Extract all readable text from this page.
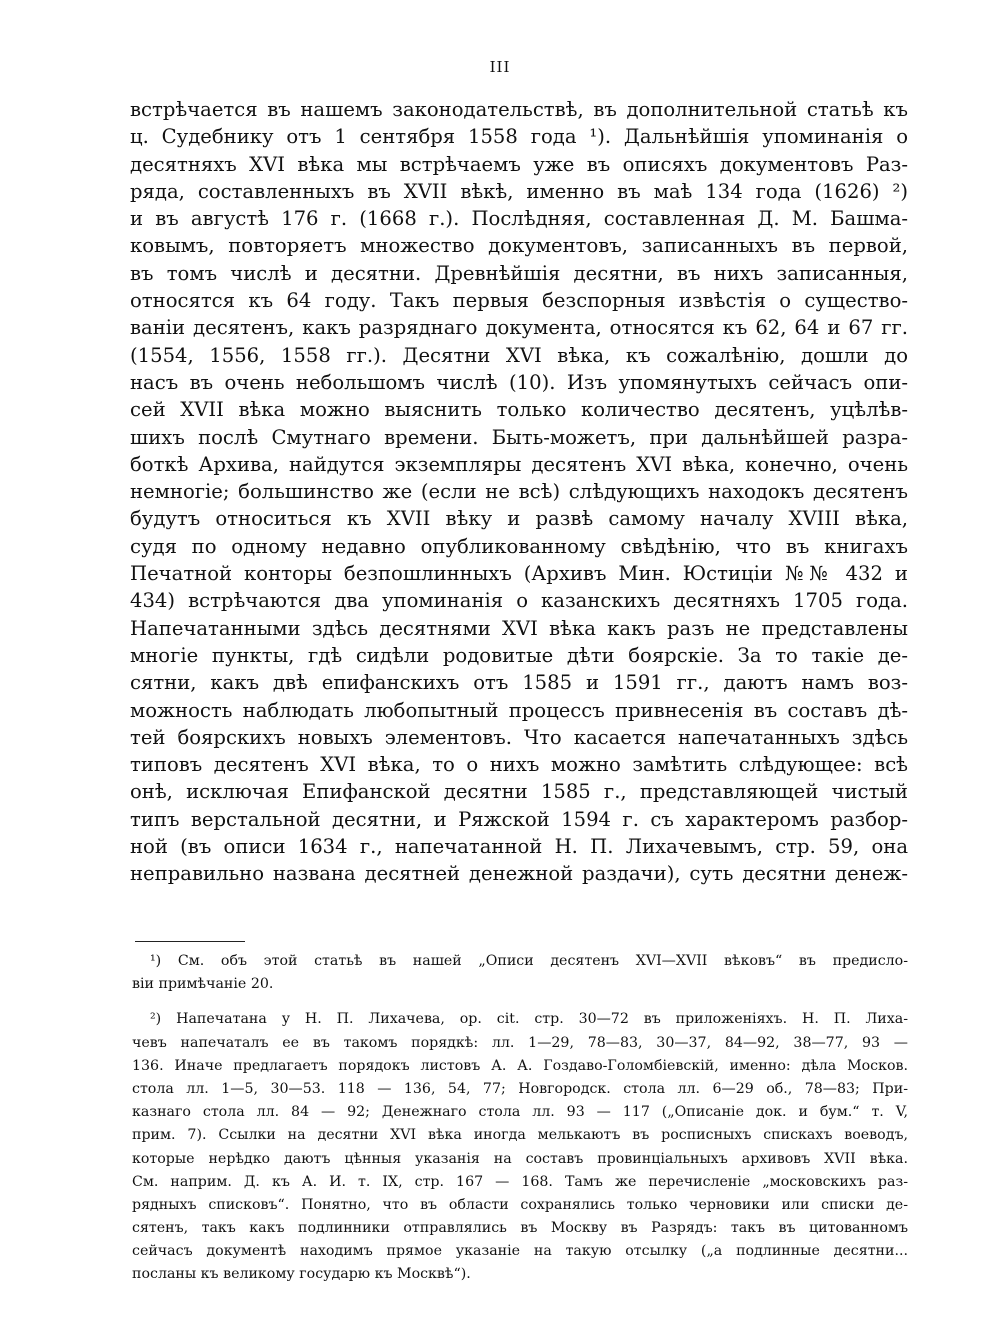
III
встрѣчается въ нашемъ законодательствѣ, въ дополнительной статьѣ къ
ц. Судебнику отъ 1 сентября 1558 года ¹). Дальнѣйшія упоминанія о
десятняхъ XVI вѣка мы встрѣчаемъ уже въ описяхъ документовъ Раз-
ряда, составленныхъ въ XVII вѣкѣ, именно въ маѣ 134 года (1626) ²)
и въ августѣ 176 г. (1668 г.). Послѣдняя, составленная Д. М. Башма-
ковымъ, повторяетъ множество документовъ, записанныхъ въ первой,
въ томъ числѣ и десятни. Древнѣйшія десятни, въ нихъ записанныя,
относятся къ 64 году. Такъ первыя безспорныя извѣстія о существо-
ваніи десятенъ, какъ разряднаго документа, относятся къ 62, 64 и 67 гг.
(1554, 1556, 1558 гг.). Десятни XVI вѣка, къ сожалѣнію, дошли до
насъ въ очень небольшомъ числѣ (10). Изъ упомянутыхъ сейчасъ опи-
сей XVII вѣка можно выяснить только количество десятенъ, уцѣлѣв-
шихъ послѣ Смутнаго времени. Быть-можетъ, при дальнѣйшей разра-
боткѣ Архива, найдутся экземпляры десятенъ XVI вѣка, конечно, очень
немногіе; большинство же (если не всѣ) слѣдующихъ находокъ десятенъ
будутъ относиться къ XVII вѣку и развѣ самому началу XVIII вѣка,
судя по одному недавно опубликованному свѣдѣнію, что въ книгахъ
Печатной конторы безпошлинныхъ (Архивъ Мин. Юстиціи №№ 432 и
434) встрѣчаются два упоминанія о казанскихъ десятняхъ 1705 года.
Напечатанными здѣсь десятнями XVI вѣка какъ разъ не представлены
многіе пункты, гдѣ сидѣли родовитые дѣти боярскіе. За то такіе де-
сятни, какъ двѣ епифанскихъ отъ 1585 и 1591 гг., даютъ намъ воз-
можность наблюдать любопытный процессъ привнесенія въ составъ дѣ-
тей боярскихъ новыхъ элементовъ. Что касается напечатанныхъ здѣсь
типовъ десятенъ XVI вѣка, то о нихъ можно замѣтить слѣдующее: всѣ
онѣ, исключая Епифанской десятни 1585 г., представляющей чистый
типъ верстальной десятни, и Ряжской 1594 г. съ характеромъ разбор-
ной (въ описи 1634 г., напечатанной Н. П. Лихачевымъ, стр. 59, она
неправильно названа десятней денежной раздачи), суть десятни денеж-
¹) См. объ этой статьѣ въ нашей „Описи десятенъ XVI—XVII вѣковъ“ въ предисло-
віи примѣчаніе 20.
²) Напечатана у Н. П. Лихачева, op. cit. стр. 30—72 въ приложеніяхъ. Н. П. Лиха-
чевъ напечаталъ ее въ такомъ порядкѣ: лл. 1—29, 78—83, 30—37, 84—92, 38—77, 93 —
136. Иначе предлагаетъ порядокъ листовъ А. А. Гоздаво-Голомбіевскій, именно: дѣла Москов.
стола лл. 1—5, 30—53. 118 — 136, 54, 77; Новгородск. стола лл. 6—29 об., 78—83; При-
казнаго стола лл. 84 — 92; Денежнаго стола лл. 93 — 117 („Описаніе док. и бум.“ т. V,
прим. 7). Ссылки на десятни XVI вѣка иногда мелькаютъ въ росписныхъ спискахъ воеводъ,
которые нерѣдко даютъ цѣнныя указанія на составъ провинціальныхъ архивовъ XVII вѣка.
См. наприм. Д. къ А. И. т. IX, стр. 167 — 168. Тамъ же перечисленіе „московскихъ раз-
рядныхъ списковъ“. Понятно, что въ области сохранялись только черновики или списки де-
сятенъ, такъ какъ подлинники отправлялись въ Москву въ Разрядъ: такъ въ цитованномъ
сейчасъ документѣ находимъ прямое указаніе на такую отсылку („а подлинные десятни...
посланы къ великому государю къ Москвѣ“).
